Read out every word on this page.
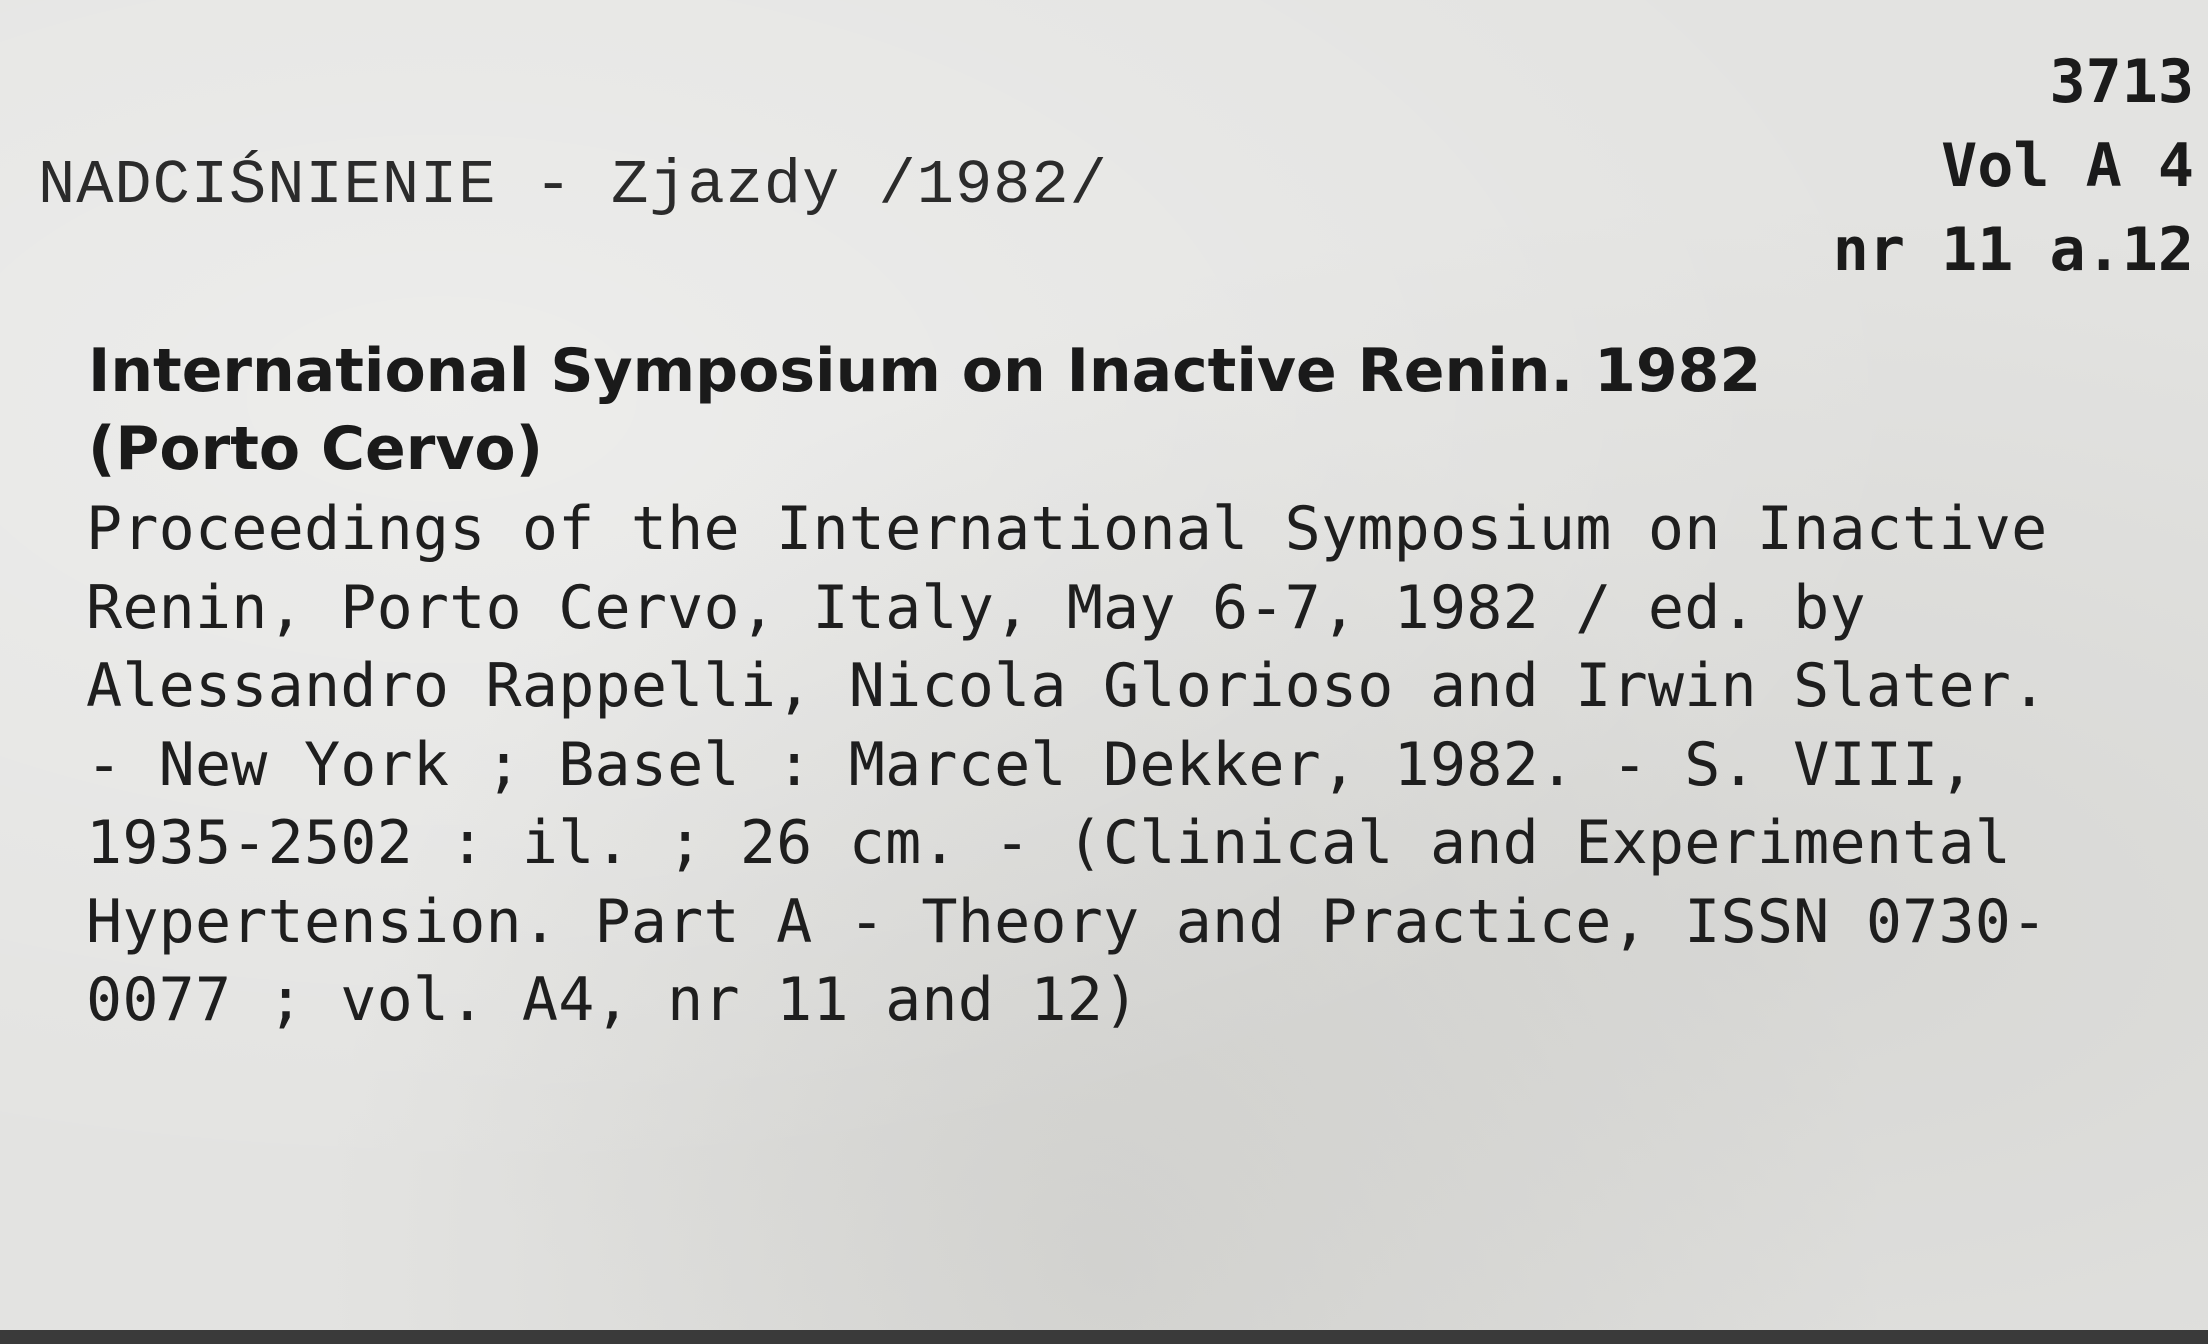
NADCIŚNIENIE - Zjazdy /1982/
3713
Vol A 4
nr 11 a.12
International Symposium on Inactive Renin. 1982
(Porto Cervo)
Proceedings of the International Symposium on Inactive
Renin, Porto Cervo, Italy, May 6-7, 1982 / ed. by
Alessandro Rappelli, Nicola Glorioso and Irwin Slater.
- New York ; Basel : Marcel Dekker, 1982. - S. VIII,
1935-2502 : il. ; 26 cm. - (Clinical and Experimental
Hypertension. Part A - Theory and Practice, ISSN 0730-
0077 ; vol. A4, nr 11 and 12)
